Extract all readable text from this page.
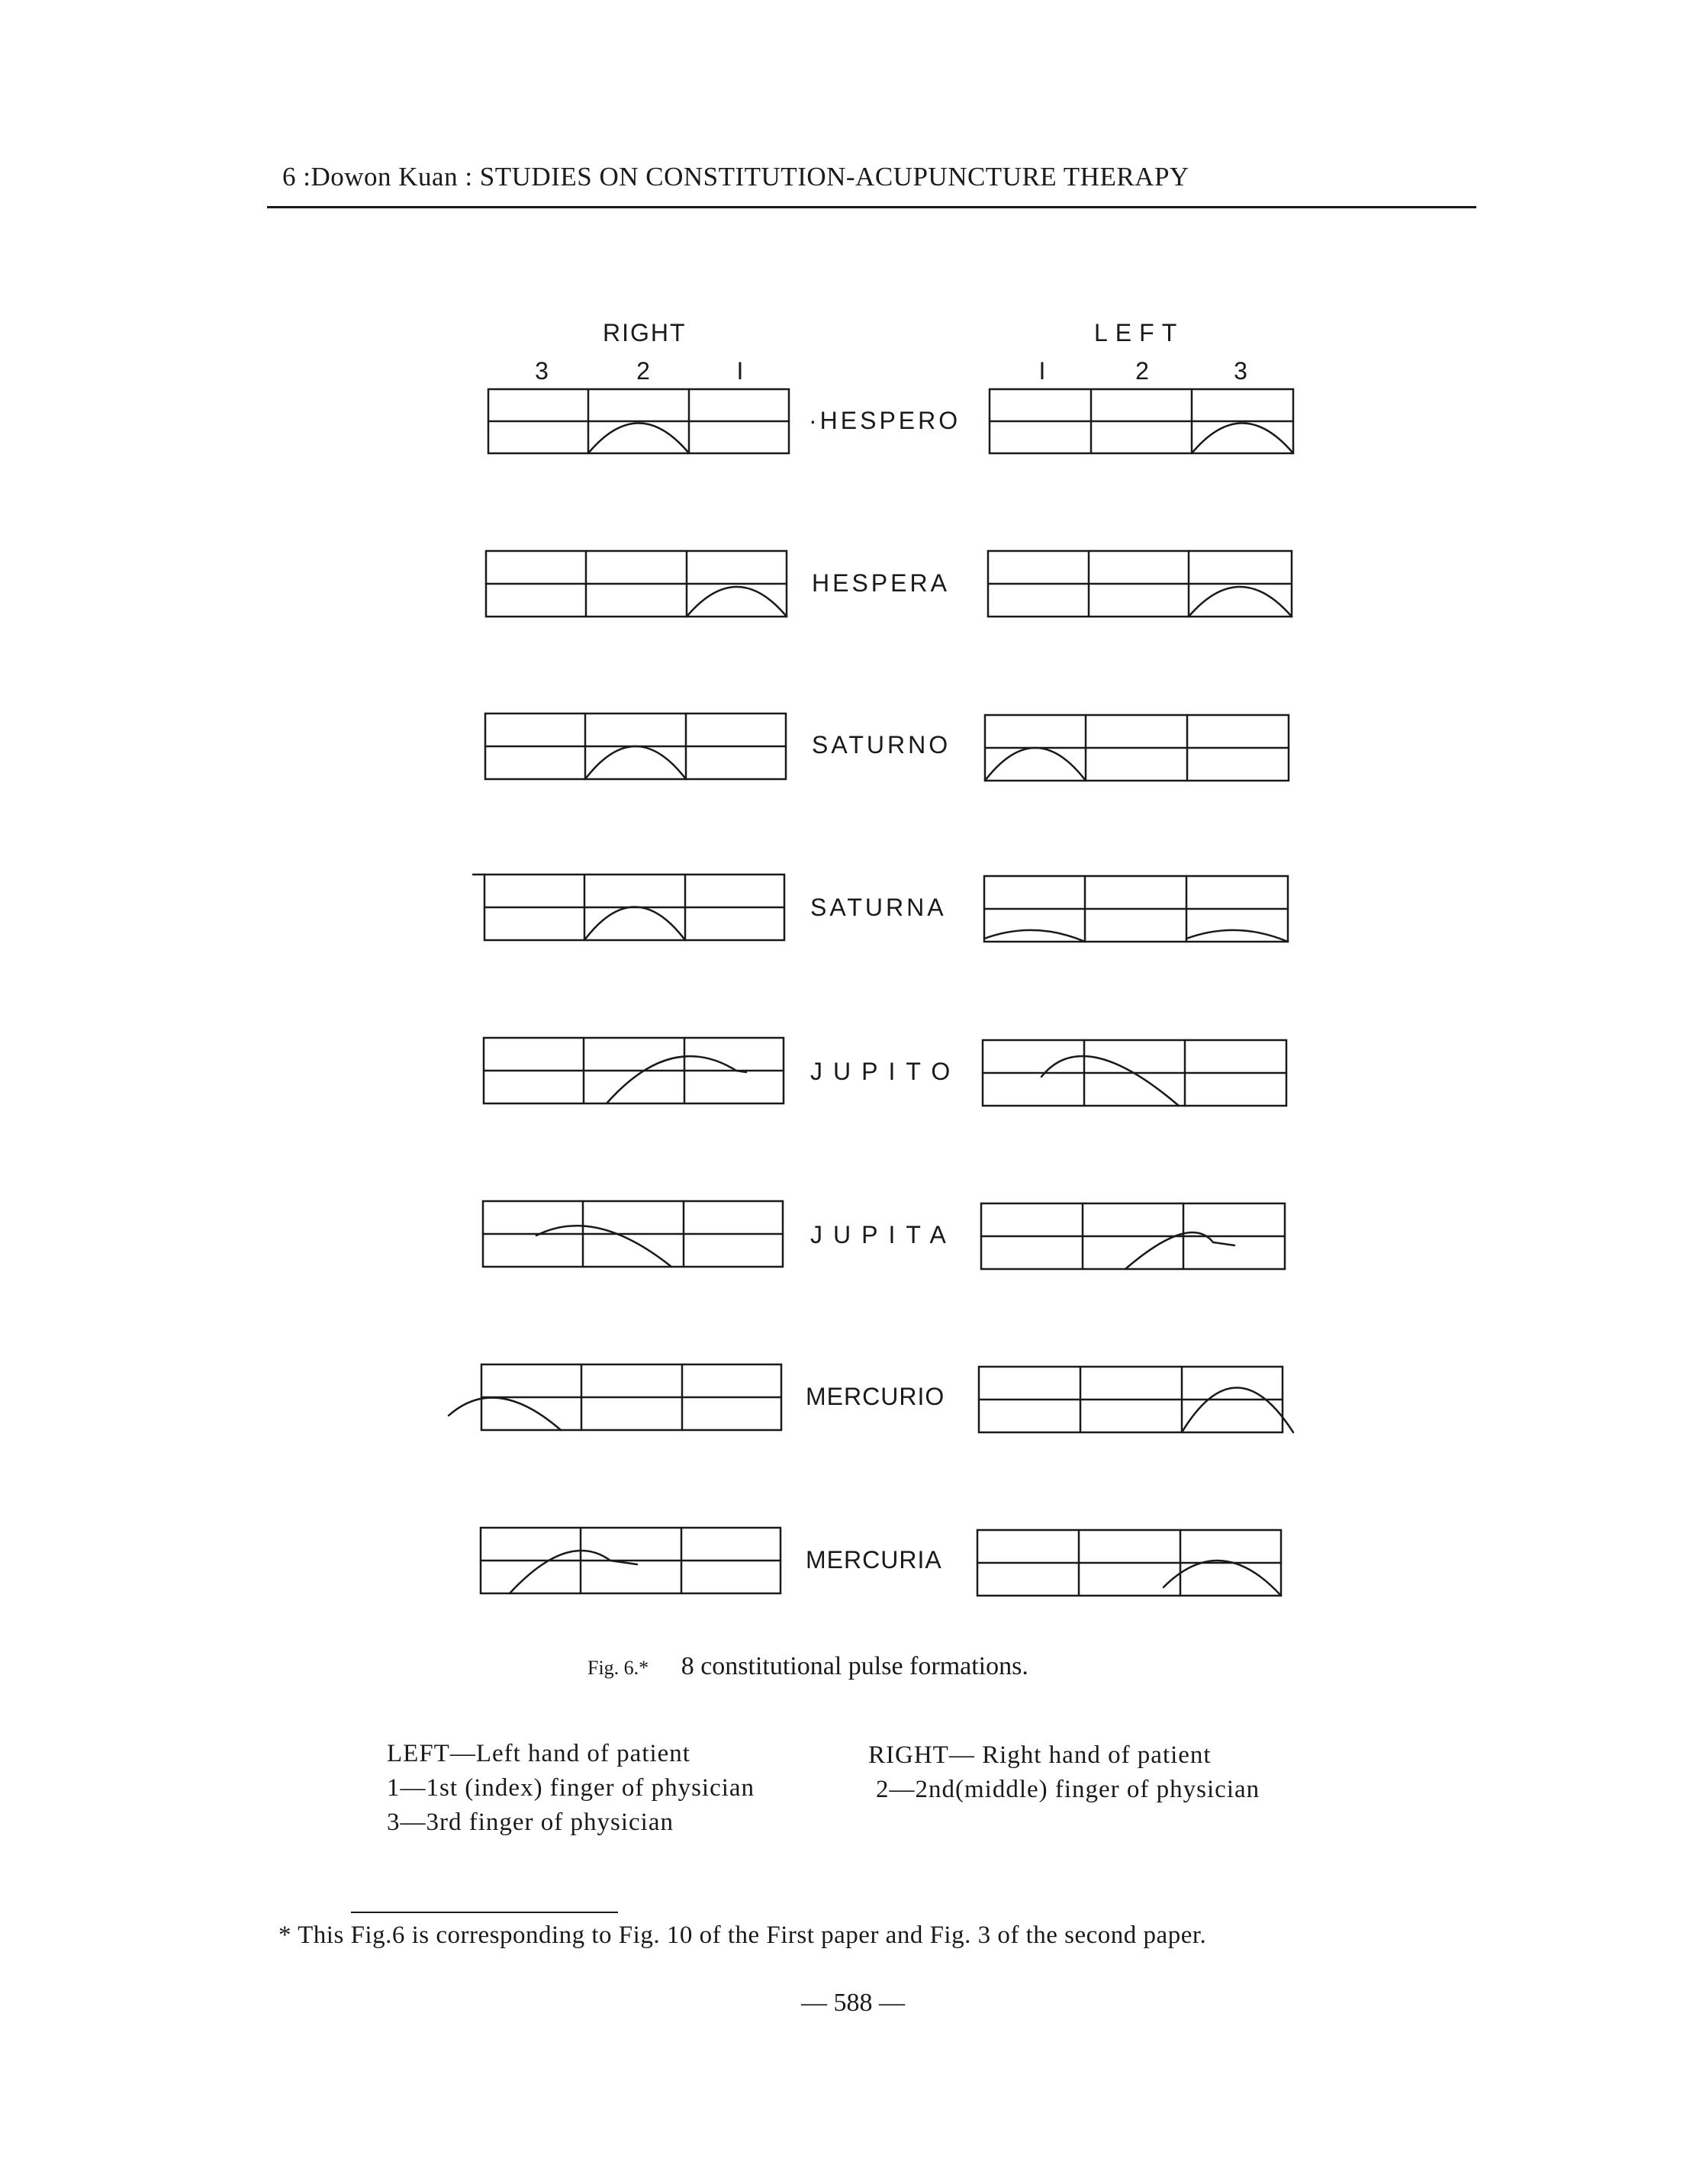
6 :Dowon Kuan : STUDIES ON CONSTITUTION-ACUPUNCTURE THERAPY
RIGHT	LEFT
3	2	I	I	2	3
·HESPERO
HESPERA
SATURNO
SATURNA
JUPITO
JUPITA
MERCURIO
MERCURIA
Fig. 6.* 8 constitutional pulse formations.
LEFT—Left hand of patient	RIGHT— Right hand of patient
1—1st (index) finger of physician	2—2nd(middle) finger of physician
3—3rd finger of physician
* This Fig.6 is corresponding to Fig. 10 of the First paper and Fig. 3 of the second paper.
— 588 —
